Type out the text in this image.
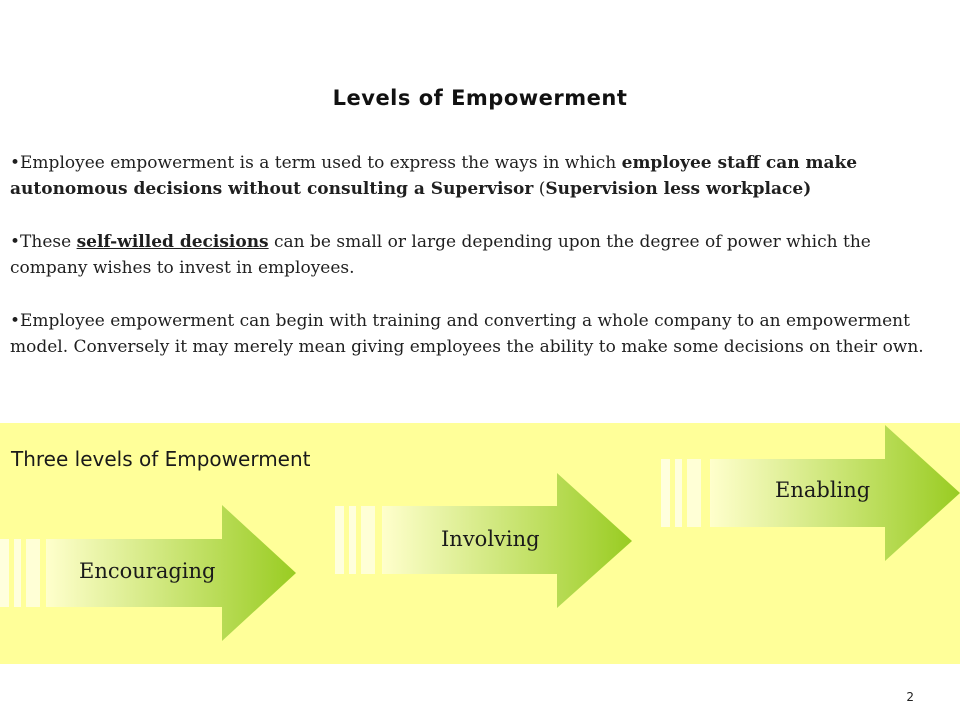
Levels of Empowerment
•Employee empowerment is a term used to express the ways in which employee staff can make autonomous decisions without consulting a Supervisor (Supervision less workplace)
•These self-willed decisions can be small or large depending upon the degree of power which the company wishes to invest in employees.
•Employee empowerment can begin with training and converting a whole company to an empowerment model. Conversely it may merely mean giving employees the ability to make some decisions on their own.
Three levels of Empowerment
Encouraging
Involving
Enabling
2
